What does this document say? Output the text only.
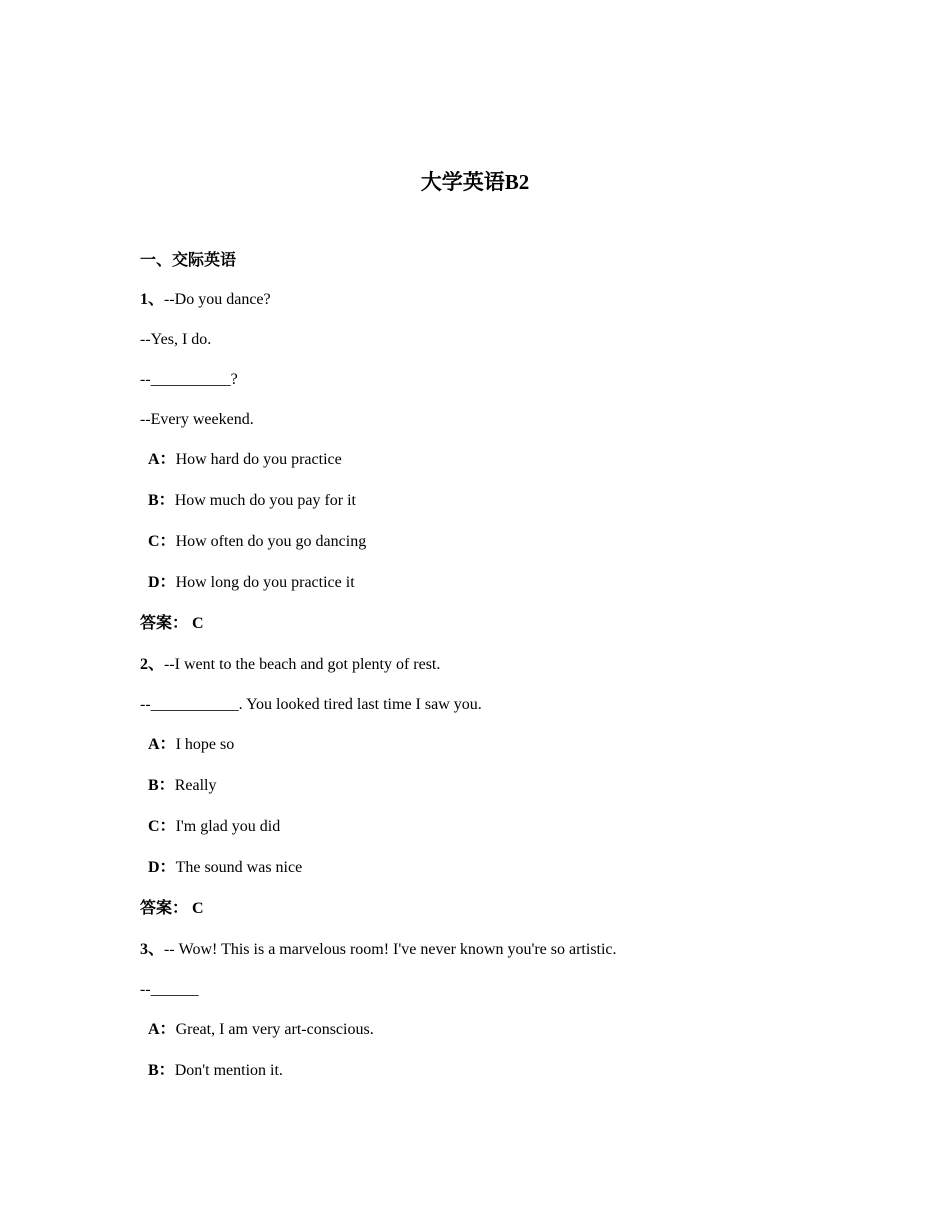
大学英语B2
一、交际英语
1、--Do you dance?
--Yes, I do.
--__________?
--Every weekend.
A：How hard do you practice
B：How much do you pay for it
C：How often do you go dancing
D：How long do you practice it
答案： C
2、--I went to the beach and got plenty of rest.
--___________. You looked tired last time I saw you.
A：I hope so
B：Really
C：I'm glad you did
D：The sound was nice
答案： C
3、-- Wow! This is a marvelous room! I've never known you're so artistic.
--______
A：Great, I am very art-conscious.
B：Don't mention it.
